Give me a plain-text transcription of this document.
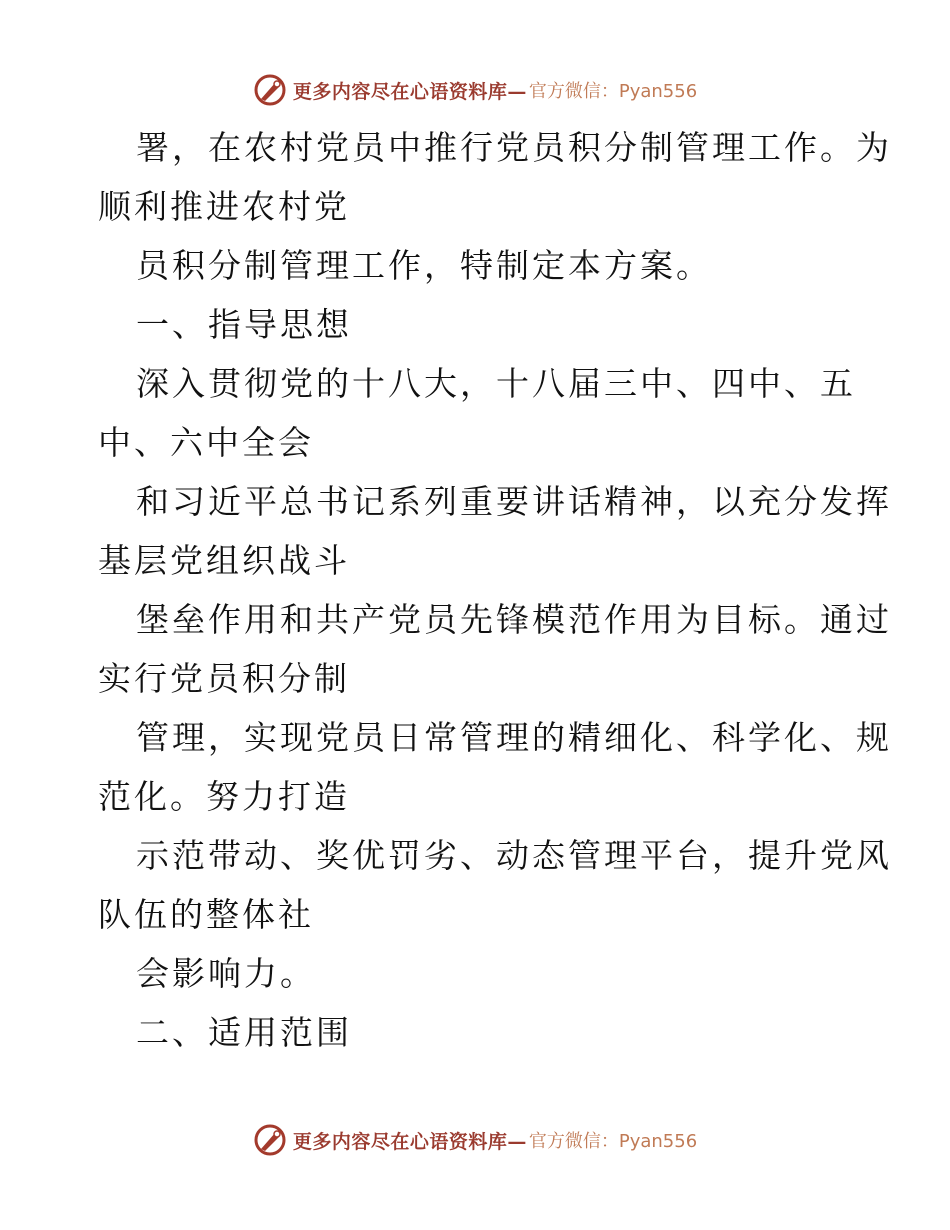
更多内容尽在心语资料库— 官方微信：Pyan556

署，在农村党员中推行党员积分制管理工作。为
顺利推进农村党

员积分制管理工作，特制定本方案。

一、指导思想

深入贯彻党的十八大，十八届三中、四中、五
中、六中全会

和习近平总书记系列重要讲话精神，以充分发挥
基层党组织战斗

堡垒作用和共产党员先锋模范作用为目标。通过
实行党员积分制

管理，实现党员日常管理的精细化、科学化、规
范化。努力打造

示范带动、奖优罚劣、动态管理平台，提升党风
队伍的整体社

会影响力。

二、适用范围

更多内容尽在心语资料库— 官方微信：Pyan556
